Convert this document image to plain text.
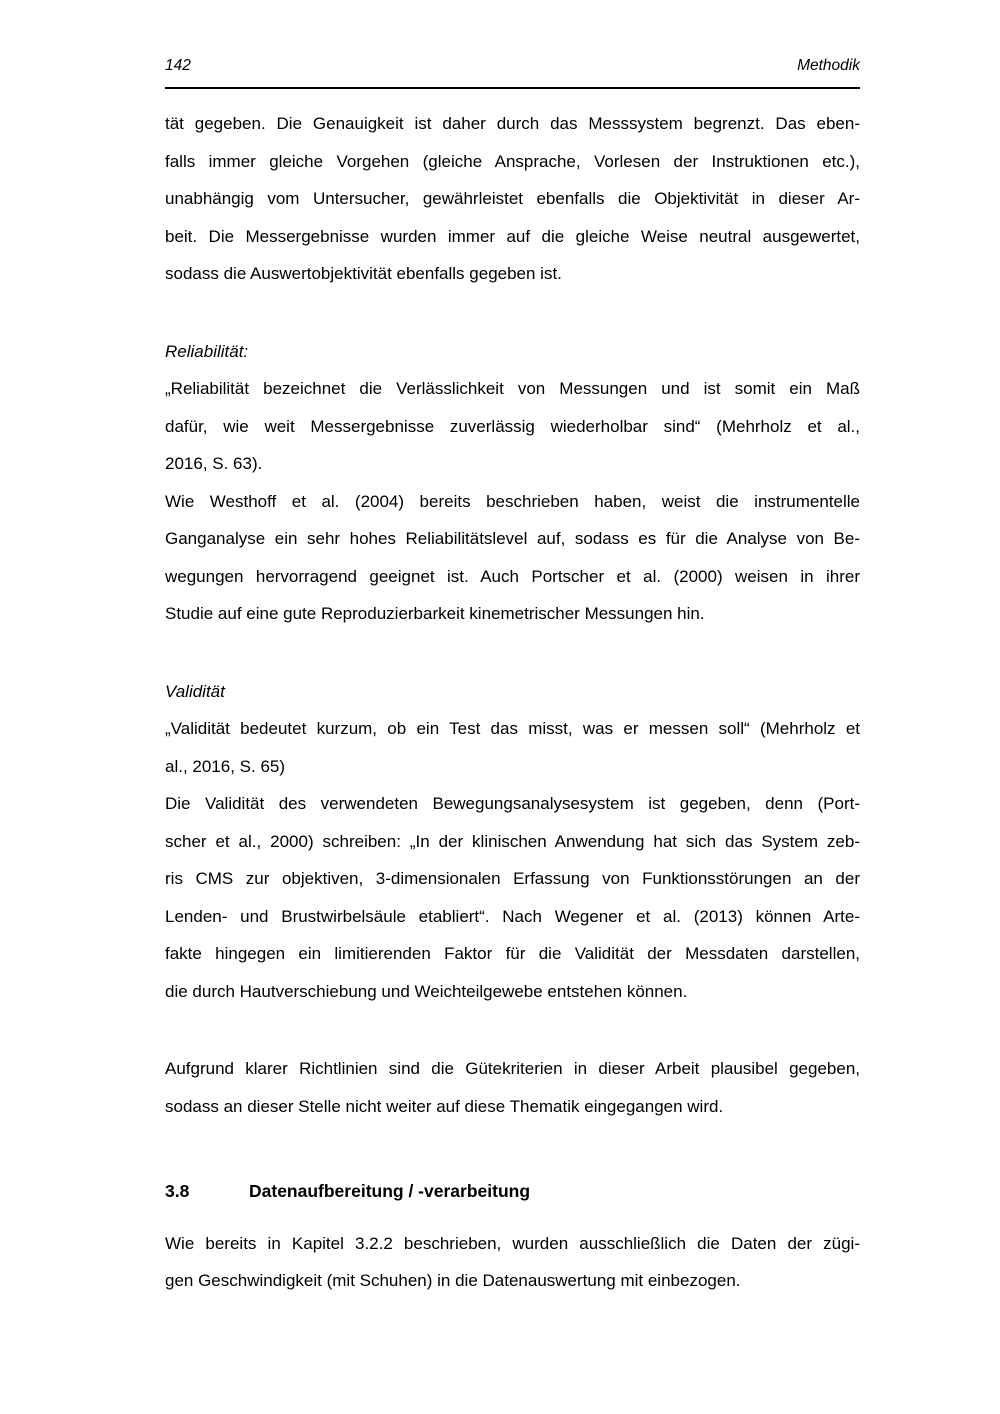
142	Methodik
tät gegeben. Die Genauigkeit ist daher durch das Messsystem begrenzt. Das eben-
falls immer gleiche Vorgehen (gleiche Ansprache, Vorlesen der Instruktionen etc.),
unabhängig vom Untersucher, gewährleistet ebenfalls die Objektivität in dieser Ar-
beit. Die Messergebnisse wurden immer auf die gleiche Weise neutral ausgewertet,
sodass die Auswertobjektivität ebenfalls gegeben ist.
Reliabilität:
„Reliabilität bezeichnet die Verlässlichkeit von Messungen und ist somit ein Maß
dafür, wie weit Messergebnisse zuverlässig wiederholbar sind“ (Mehrholz et al.,
2016, S. 63).
Wie Westhoff et al. (2004) bereits beschrieben haben, weist die instrumentelle
Ganganalyse ein sehr hohes Reliabilitätslevel auf, sodass es für die Analyse von Be-
wegungen hervorragend geeignet ist. Auch Portscher et al. (2000) weisen in ihrer
Studie auf eine gute Reproduzierbarkeit kinemetrischer Messungen hin.
Validität
„Validität bedeutet kurzum, ob ein Test das misst, was er messen soll“ (Mehrholz et
al., 2016, S. 65)
Die Validität des verwendeten Bewegungsanalysesystem ist gegeben, denn (Port-
scher et al., 2000) schreiben: „In der klinischen Anwendung hat sich das System zeb-
ris CMS zur objektiven, 3-dimensionalen Erfassung von Funktionsstörungen an der
Lenden- und Brustwirbelsäule etabliert“. Nach Wegener et al. (2013) können Arte-
fakte hingegen ein limitierenden Faktor für die Validität der Messdaten darstellen,
die durch Hautverschiebung und Weichteilgewebe entstehen können.
Aufgrund klarer Richtlinien sind die Gütekriterien in dieser Arbeit plausibel gegeben,
sodass an dieser Stelle nicht weiter auf diese Thematik eingegangen wird.
3.8	Datenaufbereitung / -verarbeitung
Wie bereits in Kapitel 3.2.2 beschrieben, wurden ausschließlich die Daten der zügi-
gen Geschwindigkeit (mit Schuhen) in die Datenauswertung mit einbezogen.
